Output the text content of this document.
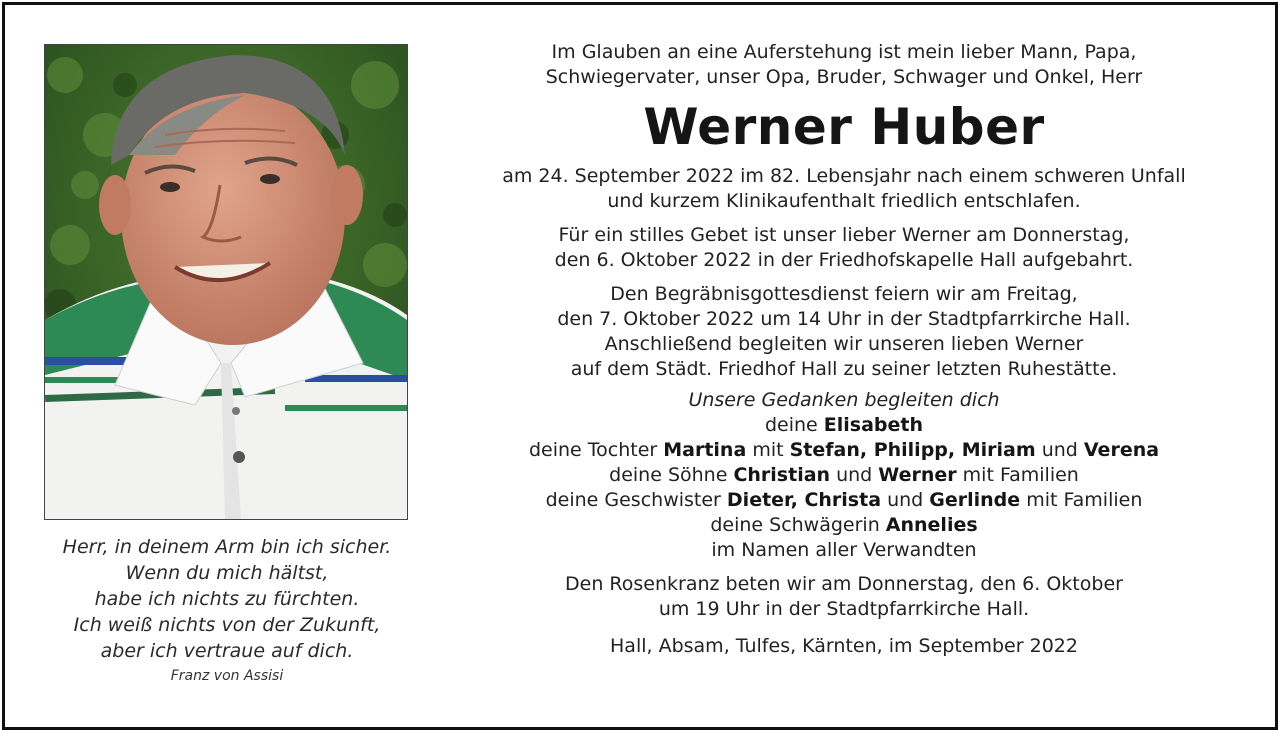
Herr, in deinem Arm bin ich sicher.
Wenn du mich hältst,
habe ich nichts zu fürchten.
Ich weiß nichts von der Zukunft,
aber ich vertraue auf dich.
Franz von Assisi
Im Glauben an eine Auferstehung ist mein lieber Mann, Papa,
Schwiegervater, unser Opa, Bruder, Schwager und Onkel, Herr
Werner Huber
am 24. September 2022 im 82. Lebensjahr nach einem schweren Unfall
und kurzem Klinikaufenthalt friedlich entschlafen.
Für ein stilles Gebet ist unser lieber Werner am Donnerstag,
den 6. Oktober 2022 in der Friedhofskapelle Hall aufgebahrt.
Den Begräbnisgottesdienst feiern wir am Freitag,
den 7. Oktober 2022 um 14 Uhr in der Stadtpfarrkirche Hall.
Anschließend begleiten wir unseren lieben Werner
auf dem Städt. Friedhof Hall zu seiner letzten Ruhestätte.
Unsere Gedanken begleiten dich
deine Elisabeth
deine Tochter Martina mit Stefan, Philipp, Miriam und Verena
deine Söhne Christian und Werner mit Familien
deine Geschwister Dieter, Christa und Gerlinde mit Familien
deine Schwägerin Annelies
im Namen aller Verwandten
Den Rosenkranz beten wir am Donnerstag, den 6. Oktober
um 19 Uhr in der Stadtpfarrkirche Hall.
Hall, Absam, Tulfes, Kärnten, im September 2022
